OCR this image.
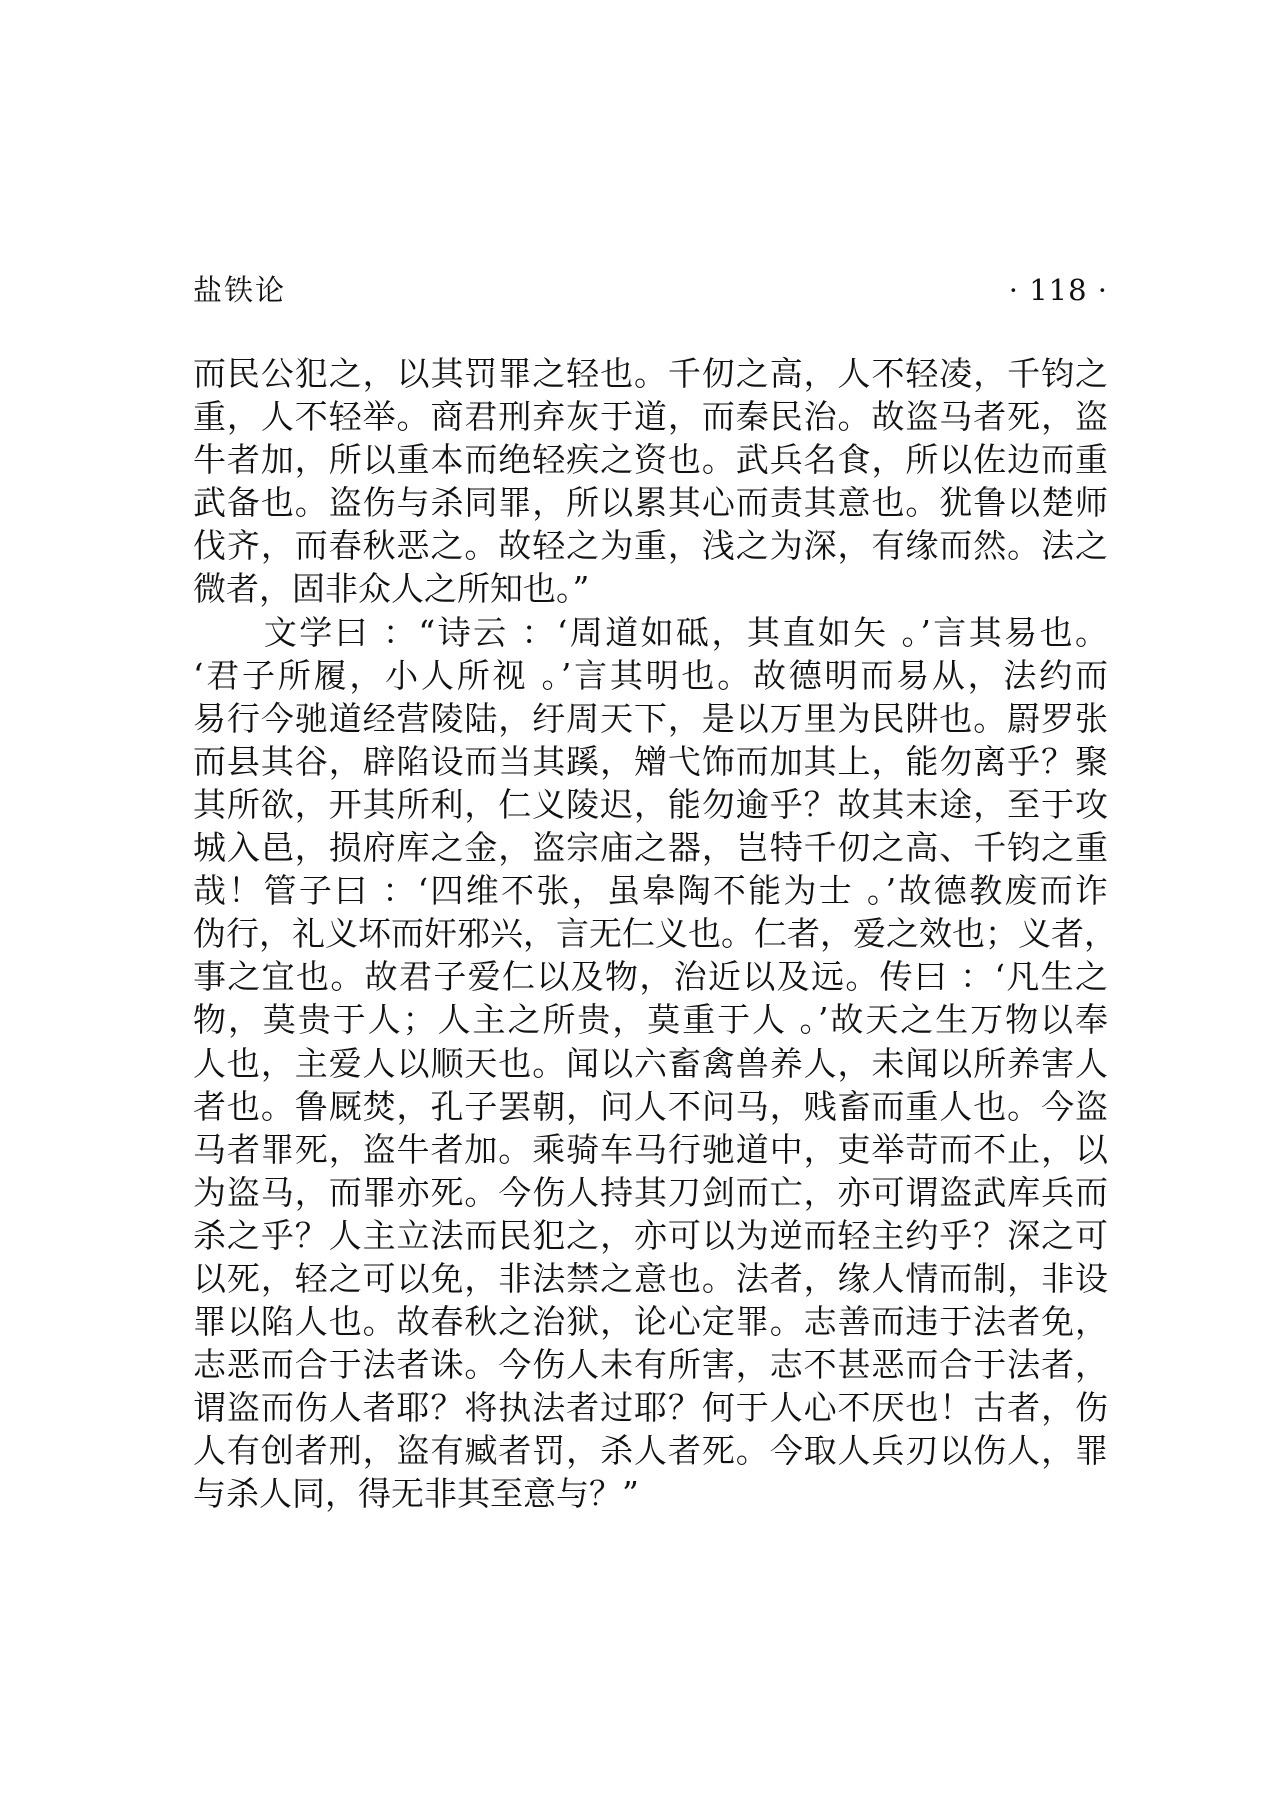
盐铁论	· 118 ·
而民公犯之，以其罚罪之轻也。千仞之高，人不轻凌，千钧之
重，人不轻举。商君刑弃灰于道，而秦民治。故盗马者死，盗
牛者加，所以重本而绝轻疾之资也。武兵名食，所以佐边而重
武备也。盗伤与杀同罪，所以累其心而责其意也。犹鲁以楚师
伐齐，而春秋恶之。故轻之为重，浅之为深，有缘而然。法之
微者，固非众人之所知也。”
　　文学曰 ：“诗云 ：‘周道如砥，其直如矢 。’言其易也。
‘君子所履，小人所视 。’言其明也。故德明而易从，法约而
易行今驰道经营陵陆，纡周天下，是以万里为民阱也。罻罗张
而县其谷，辟陷设而当其蹊，矰弋饰而加其上，能勿离乎？聚
其所欲，开其所利，仁义陵迟，能勿逾乎？故其末途，至于攻
城入邑，损府库之金，盗宗庙之器，岂特千仞之高、千钧之重
哉！管子曰 ：‘四维不张，虽皋陶不能为士 。’故德教废而诈
伪行，礼义坏而奸邪兴，言无仁义也。仁者，爱之效也；义者，
事之宜也。故君子爱仁以及物，治近以及远。传曰 ：‘凡生之
物，莫贵于人；人主之所贵，莫重于人 。’故天之生万物以奉
人也，主爱人以顺天也。闻以六畜禽兽养人，未闻以所养害人
者也。鲁厩焚，孔子罢朝，问人不问马，贱畜而重人也。今盗
马者罪死，盗牛者加。乘骑车马行驰道中，吏举苛而不止，以
为盗马，而罪亦死。今伤人持其刀剑而亡，亦可谓盗武库兵而
杀之乎？人主立法而民犯之，亦可以为逆而轻主约乎？深之可
以死，轻之可以免，非法禁之意也。法者，缘人情而制，非设
罪以陷人也。故春秋之治狱，论心定罪。志善而违于法者免，
志恶而合于法者诛。今伤人未有所害，志不甚恶而合于法者，
谓盗而伤人者耶？将执法者过耶？何于人心不厌也！古者，伤
人有创者刑，盗有臧者罚，杀人者死。今取人兵刃以伤人，罪
与杀人同，得无非其至意与？”
